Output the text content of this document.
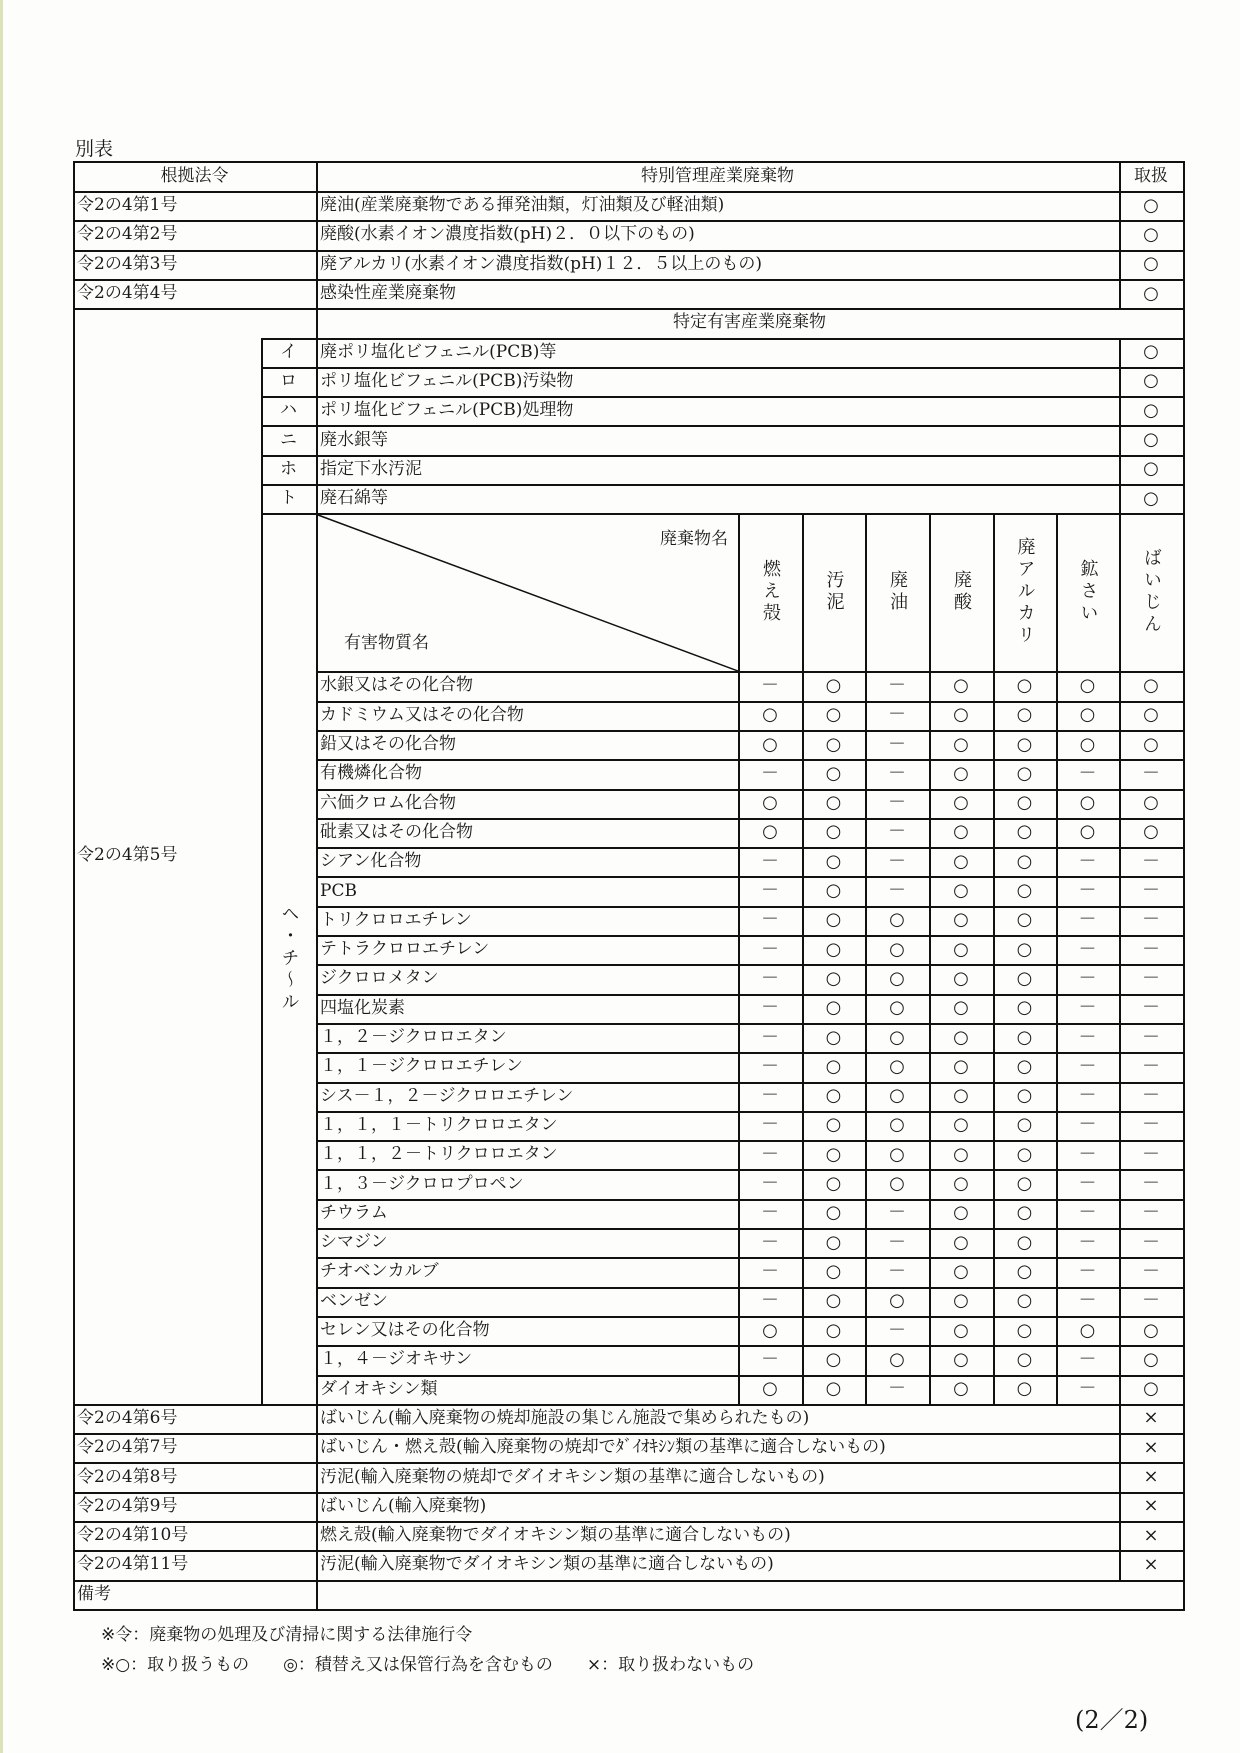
別表
根拠法令	特別管理産業廃棄物	取扱
令2の4第1号	廃油(産業廃棄物である揮発油類，灯油類及び軽油類)	○
令2の4第2号	廃酸(水素イオン濃度指数(pH)２．０以下のもの)	○
令2の4第3号	廃アルカリ(水素イオン濃度指数(pH)１２．５以上のもの)	○
令2の4第4号	感染性産業廃棄物	○
特定有害産業廃棄物
イ	廃ポリ塩化ビフェニル(PCB)等	○
ロ	ポリ塩化ビフェニル(PCB)汚染物	○
ハ	ポリ塩化ビフェニル(PCB)処理物	○
ニ	廃水銀等	○
ホ	指定下水汚泥	○
ト	廃石綿等	○
廃棄物名
有害物質名
燃え殻	汚泥	廃油	廃酸	廃アルカリ	鉱さい	ばいじん
水銀又はその化合物	－	○	－	○	○	○	○
カドミウム又はその化合物	○	○	－	○	○	○	○
鉛又はその化合物	○	○	－	○	○	○	○
有機燐化合物	－	○	－	○	○	－	－
六価クロム化合物	○	○	－	○	○	○	○
砒素又はその化合物	○	○	－	○	○	○	○
シアン化合物	－	○	－	○	○	－	－
PCB	－	○	－	○	○	－	－
トリクロロエチレン	－	○	○	○	○	－	－
テトラクロロエチレン	－	○	○	○	○	－	－
ジクロロメタン	－	○	○	○	○	－	－
四塩化炭素	－	○	○	○	○	－	－
１，２－ジクロロエタン	－	○	○	○	○	－	－
１，１－ジクロロエチレン	－	○	○	○	○	－	－
シス－１，２－ジクロロエチレン	－	○	○	○	○	－	－
１，１，１－トリクロロエタン	－	○	○	○	○	－	－
１，１，２－トリクロロエタン	－	○	○	○	○	－	－
１，３－ジクロロプロペン	－	○	○	○	○	－	－
チウラム	－	○	－	○	○	－	－
シマジン	－	○	－	○	○	－	－
チオベンカルブ	－	○	－	○	○	－	－
ベンゼン	－	○	○	○	○	－	－
セレン又はその化合物	○	○	－	○	○	○	○
１，４－ジオキサン	－	○	○	○	○	－	○
ダイオキシン類	○	○	－	○	○	－	○
ヘ・チ〜ル
令2の4第5号
令2の4第6号	ばいじん(輸入廃棄物の焼却施設の集じん施設で集められたもの)	×
令2の4第7号	ばいじん・燃え殻(輸入廃棄物の焼却でﾀﾞｲｵｷｼﾝ類の基準に適合しないもの)	×
令2の4第8号	汚泥(輸入廃棄物の焼却でダイオキシン類の基準に適合しないもの)	×
令2の4第9号	ばいじん(輸入廃棄物)	×
令2の4第10号	燃え殻(輸入廃棄物でダイオキシン類の基準に適合しないもの)	×
令2の4第11号	汚泥(輸入廃棄物でダイオキシン類の基準に適合しないもの)	×
備考
※令：廃棄物の処理及び清掃に関する法律施行令
※○：取り扱うもの　　◎：積替え又は保管行為を含むもの　　×：取り扱わないもの
(2／2)
